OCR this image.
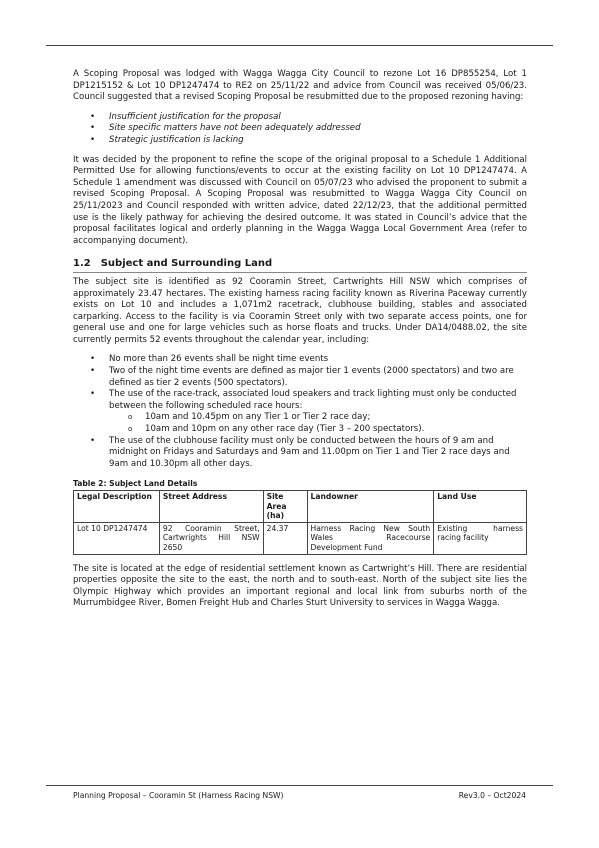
A Scoping Proposal was lodged with Wagga Wagga City Council to rezone Lot 16 DP855254, Lot 1 DP1215152 & Lot 10 DP1247474 to RE2 on 25/11/22 and advice from Council was received 05/06/23. Council suggested that a revised Scoping Proposal be resubmitted due to the proposed rezoning having:

• Insufficient justification for the proposal
• Site specific matters have not been adequately addressed
• Strategic justification is lacking

It was decided by the proponent to refine the scope of the original proposal to a Schedule 1 Additional Permitted Use for allowing functions/events to occur at the existing facility on Lot 10 DP1247474. A Schedule 1 amendment was discussed with Council on 05/07/23 who advised the proponent to submit a revised Scoping Proposal. A Scoping Proposal was resubmitted to Wagga Wagga City Council on 25/11/2023 and Council responded with written advice, dated 22/12/23, that the additional permitted use is the likely pathway for achieving the desired outcome. It was stated in Council’s advice that the proposal facilitates logical and orderly planning in the Wagga Wagga Local Government Area (refer to accompanying document).

1.2 Subject and Surrounding Land

The subject site is identified as 92 Cooramin Street, Cartwrights Hill NSW which comprises of approximately 23.47 hectares. The existing harness racing facility known as Riverina Paceway currently exists on Lot 10 and includes a 1,071m2 racetrack, clubhouse building, stables and associated carparking. Access to the facility is via Cooramin Street only with two separate access points, one for general use and one for large vehicles such as horse floats and trucks. Under DA14/0488.02, the site currently permits 52 events throughout the calendar year, including:

• No more than 26 events shall be night time events
• Two of the night time events are defined as major tier 1 events (2000 spectators) and two are defined as tier 2 events (500 spectators).
• The use of the race-track, associated loud speakers and track lighting must only be conducted between the following scheduled race hours:
o 10am and 10.45pm on any Tier 1 or Tier 2 race day;
o 10am and 10pm on any other race day (Tier 3 – 200 spectators).
• The use of the clubhouse facility must only be conducted between the hours of 9 am and midnight on Fridays and Saturdays and 9am and 11.00pm on Tier 1 and Tier 2 race days and 9am and 10.30pm all other days.
Table 2: Subject Land Details
Legal Description	Street Address	Site Area (ha)	Landowner	Land Use
Lot 10 DP1247474	92 Cooramin Street, Cartwrights Hill NSW 2650	24.37	Harness Racing New South Wales Racecourse Development Fund	Existing harness racing facility

The site is located at the edge of residential settlement known as Cartwright’s Hill. There are residential properties opposite the site to the east, the north and to south-east. North of the subject site lies the Olympic Highway which provides an important regional and local link from suburbs north of the Murrumbidgee River, Bomen Freight Hub and Charles Sturt University to services in Wagga Wagga.

Planning Proposal – Cooramin St (Harness Racing NSW)	Rev3.0 – Oct2024
